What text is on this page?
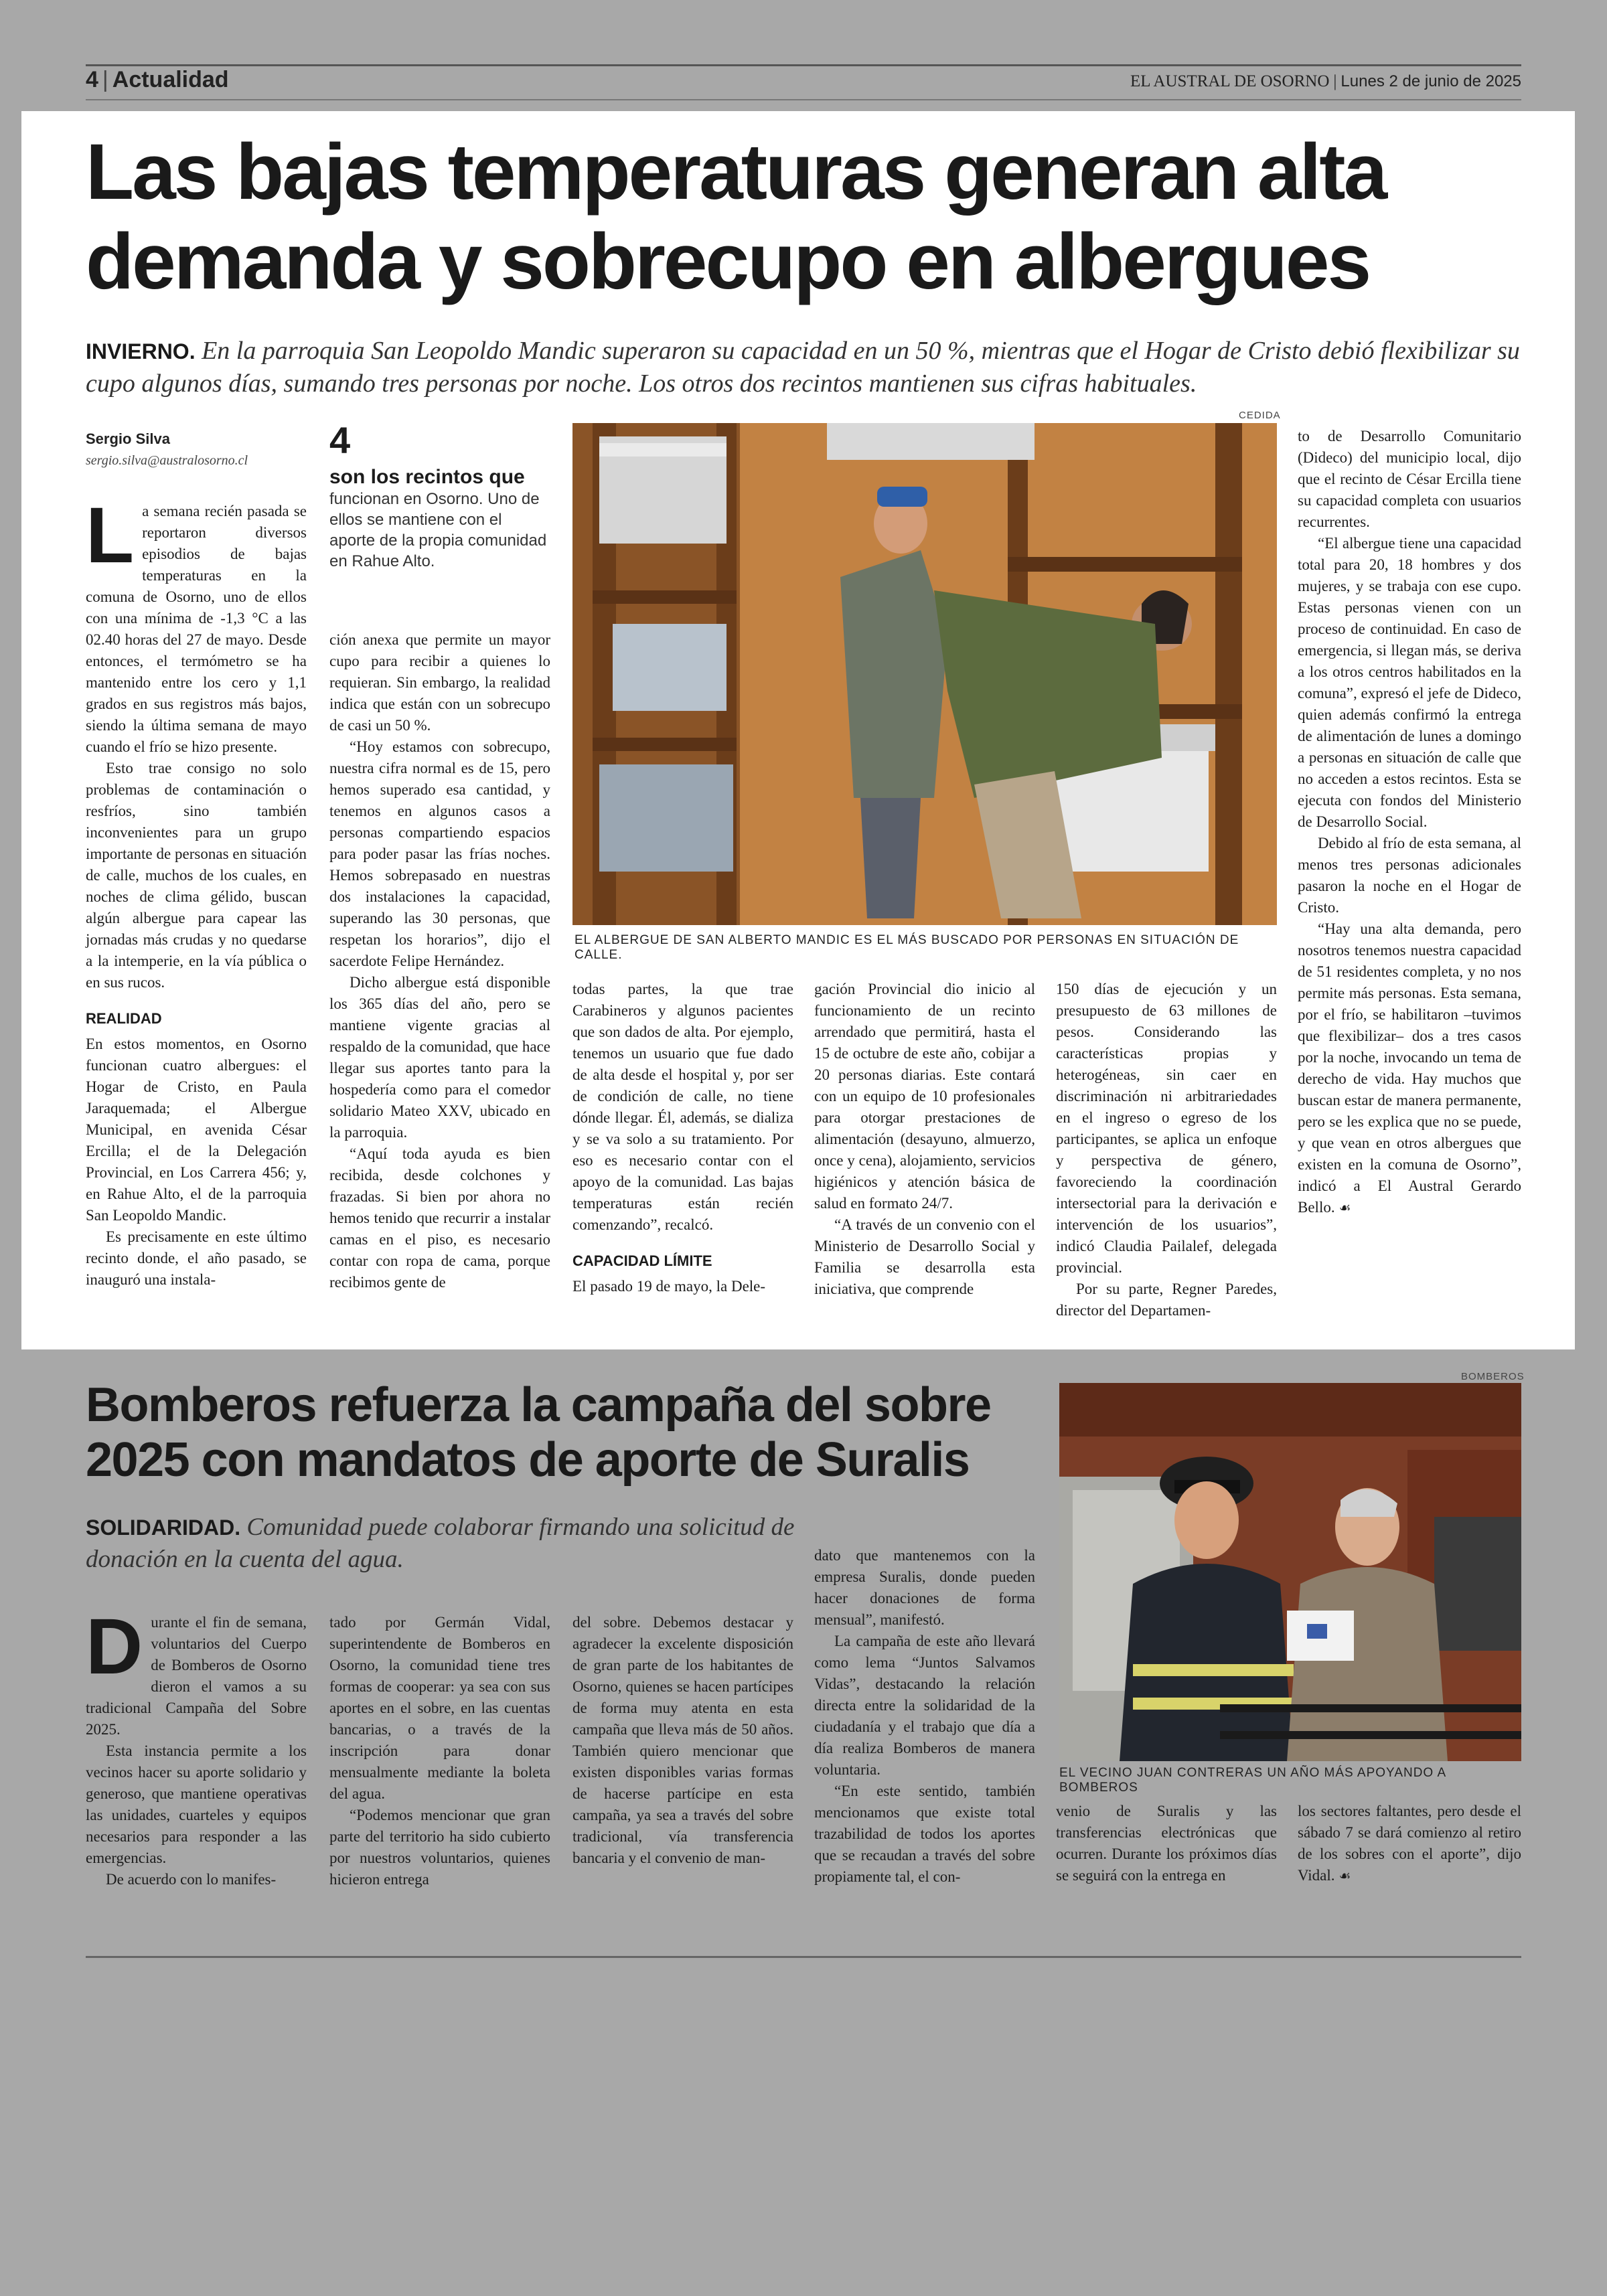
4 | Actualidad	EL AUSTRAL DE OSORNO | Lunes 2 de junio de 2025
Las bajas temperaturas generan alta
demanda y sobrecupo en albergues
INVIERNO. En la parroquia San Leopoldo Mandic superaron su capacidad en un 50 %, mientras que el Hogar de Cristo debió flexibilizar su cupo algunos días, sumando tres personas por noche. Los otros dos recintos mantienen sus cifras habituales.
Sergio Silva
sergio.silva@australosorno.cl

La semana recién pasada se reportaron diversos episodios de bajas temperaturas en la comuna de Osorno, uno de ellos con una mínima de -1,3 °C a las 02.40 horas del 27 de mayo. Desde entonces, el termómetro se ha mantenido entre los cero y 1,1 grados en sus registros más bajos, siendo la última semana de mayo cuando el frío se hizo presente.

Esto trae consigo no solo problemas de contaminación o resfríos, sino también inconvenientes para un grupo importante de personas en situación de calle, muchos de los cuales, en noches de clima gélido, buscan algún albergue para capear las jornadas más crudas y no quedarse a la intemperie, en la vía pública o en sus rucos.

REALIDAD

En estos momentos, en Osorno funcionan cuatro albergues: el Hogar de Cristo, en Paula Jaraquemada; el Albergue Municipal, en avenida César Ercilla; el de la Delegación Provincial, en Los Carrera 456; y, en Rahue Alto, el de la parroquia San Leopoldo Mandic.

Es precisamente en este último recinto donde, el año pasado, se inauguró una instala-

4
son los recintos que
funcionan en Osorno. Uno de ellos se mantiene con el aporte de la propia comunidad en Rahue Alto.

ción anexa que permite un mayor cupo para recibir a quienes lo requieran. Sin embargo, la realidad indica que están con un sobrecupo de casi un 50 %.

“Hoy estamos con sobrecupo, nuestra cifra normal es de 15, pero hemos superado esa cantidad, y tenemos en algunos casos a personas compartiendo espacios para poder pasar las frías noches. Hemos sobrepasado en nuestras dos instalaciones la capacidad, superando las 30 personas, que respetan los horarios”, dijo el sacerdote Felipe Hernández.

Dicho albergue está disponible los 365 días del año, pero se mantiene vigente gracias al respaldo de la comunidad, que hace llegar sus aportes tanto para la hospedería como para el comedor solidario Mateo XXV, ubicado en la parroquia.

“Aquí toda ayuda es bien recibida, desde colchones y frazadas. Si bien por ahora no hemos tenido que recurrir a instalar camas en el piso, es necesario contar con ropa de cama, porque recibimos gente de

CEDIDA
EL ALBERGUE DE SAN ALBERTO MANDIC ES EL MÁS BUSCADO POR PERSONAS EN SITUACIÓN DE CALLE.

todas partes, la que trae Carabineros y algunos pacientes que son dados de alta. Por ejemplo, tenemos un usuario que fue dado de alta desde el hospital y, por ser de condición de calle, no tiene dónde llegar. Él, además, se dializa y se va solo a su tratamiento. Por eso es necesario contar con el apoyo de la comunidad. Las bajas temperaturas están recién comenzando”, recalcó.

CAPACIDAD LÍMITE

El pasado 19 de mayo, la Dele-

gación Provincial dio inicio al funcionamiento de un recinto arrendado que permitirá, hasta el 15 de octubre de este año, cobijar a 20 personas diarias. Este contará con un equipo de 10 profesionales para otorgar prestaciones de alimentación (desayuno, almuerzo, once y cena), alojamiento, servicios higiénicos y atención básica de salud en formato 24/7.

“A través de un convenio con el Ministerio de Desarrollo Social y Familia se desarrolla esta iniciativa, que comprende

150 días de ejecución y un presupuesto de 63 millones de pesos. Considerando las características propias y heterogéneas, sin caer en discriminación ni arbitrariedades en el ingreso o egreso de los participantes, se aplica un enfoque y perspectiva de género, favoreciendo la coordinación intersectorial para la derivación e intervención de los usuarios”, indicó Claudia Pailalef, delegada provincial.

Por su parte, Regner Paredes, director del Departamen-

to de Desarrollo Comunitario (Dideco) del municipio local, dijo que el recinto de César Ercilla tiene su capacidad completa con usuarios recurrentes.

“El albergue tiene una capacidad total para 20, 18 hombres y dos mujeres, y se trabaja con ese cupo. Estas personas vienen con un proceso de continuidad. En caso de emergencia, si llegan más, se deriva a los otros centros habilitados en la comuna”, expresó el jefe de Dideco, quien además confirmó la entrega de alimentación de lunes a domingo a personas en situación de calle que no acceden a estos recintos. Esta se ejecuta con fondos del Ministerio de Desarrollo Social.

Debido al frío de esta semana, al menos tres personas adicionales pasaron la noche en el Hogar de Cristo.

“Hay una alta demanda, pero nosotros tenemos nuestra capacidad de 51 residentes completa, y no nos permite más personas. Esta semana, por el frío, se habilitaron –tuvimos que flexibilizar– dos a tres casos por la noche, invocando un tema de derecho de vida. Hay muchos que buscan estar de manera permanente, pero se les explica que no se puede, y que vean en otros albergues que existen en la comuna de Osorno”, indicó a El Austral Gerardo Bello. ☙

Bomberos refuerza la campaña del sobre
2025 con mandatos de aporte de Suralis
SOLIDARIDAD. Comunidad puede colaborar firmando una solicitud de donación en la cuenta del agua.

Durante el fin de semana, voluntarios del Cuerpo de Bomberos de Osorno dieron el vamos a su tradicional Campaña del Sobre 2025.

Esta instancia permite a los vecinos hacer su aporte solidario y generoso, que mantiene operativas las unidades, cuarteles y equipos necesarios para responder a las emergencias.

De acuerdo con lo manifes-

tado por Germán Vidal, superintendente de Bomberos en Osorno, la comunidad tiene tres formas de cooperar: ya sea con sus aportes en el sobre, en las cuentas bancarias, o a través de la inscripción para donar mensualmente mediante la boleta del agua.

“Podemos mencionar que gran parte del territorio ha sido cubierto por nuestros voluntarios, quienes hicieron entrega

del sobre. Debemos destacar y agradecer la excelente disposición de gran parte de los habitantes de Osorno, quienes se hacen partícipes de forma muy atenta en esta campaña que lleva más de 50 años. También quiero mencionar que existen disponibles varias formas de hacerse partícipe en esta campaña, ya sea a través del sobre tradicional, vía transferencia bancaria y el convenio de man-

dato que mantenemos con la empresa Suralis, donde pueden hacer donaciones de forma mensual”, manifestó.

La campaña de este año llevará como lema “Juntos Salvamos Vidas”, destacando la relación directa entre la solidaridad de la ciudadanía y el trabajo que día a día realiza Bomberos de manera voluntaria.

“En este sentido, también mencionamos que existe total trazabilidad de todos los aportes que se recaudan a través del sobre propiamente tal, el con-

BOMBEROS
EL VECINO JUAN CONTRERAS UN AÑO MÁS APOYANDO A BOMBEROS

venio de Suralis y las transferencias electrónicas que ocurren. Durante los próximos días se seguirá con la entrega en

los sectores faltantes, pero desde el sábado 7 se dará comienzo al retiro de los sobres con el aporte”, dijo Vidal. ☙
